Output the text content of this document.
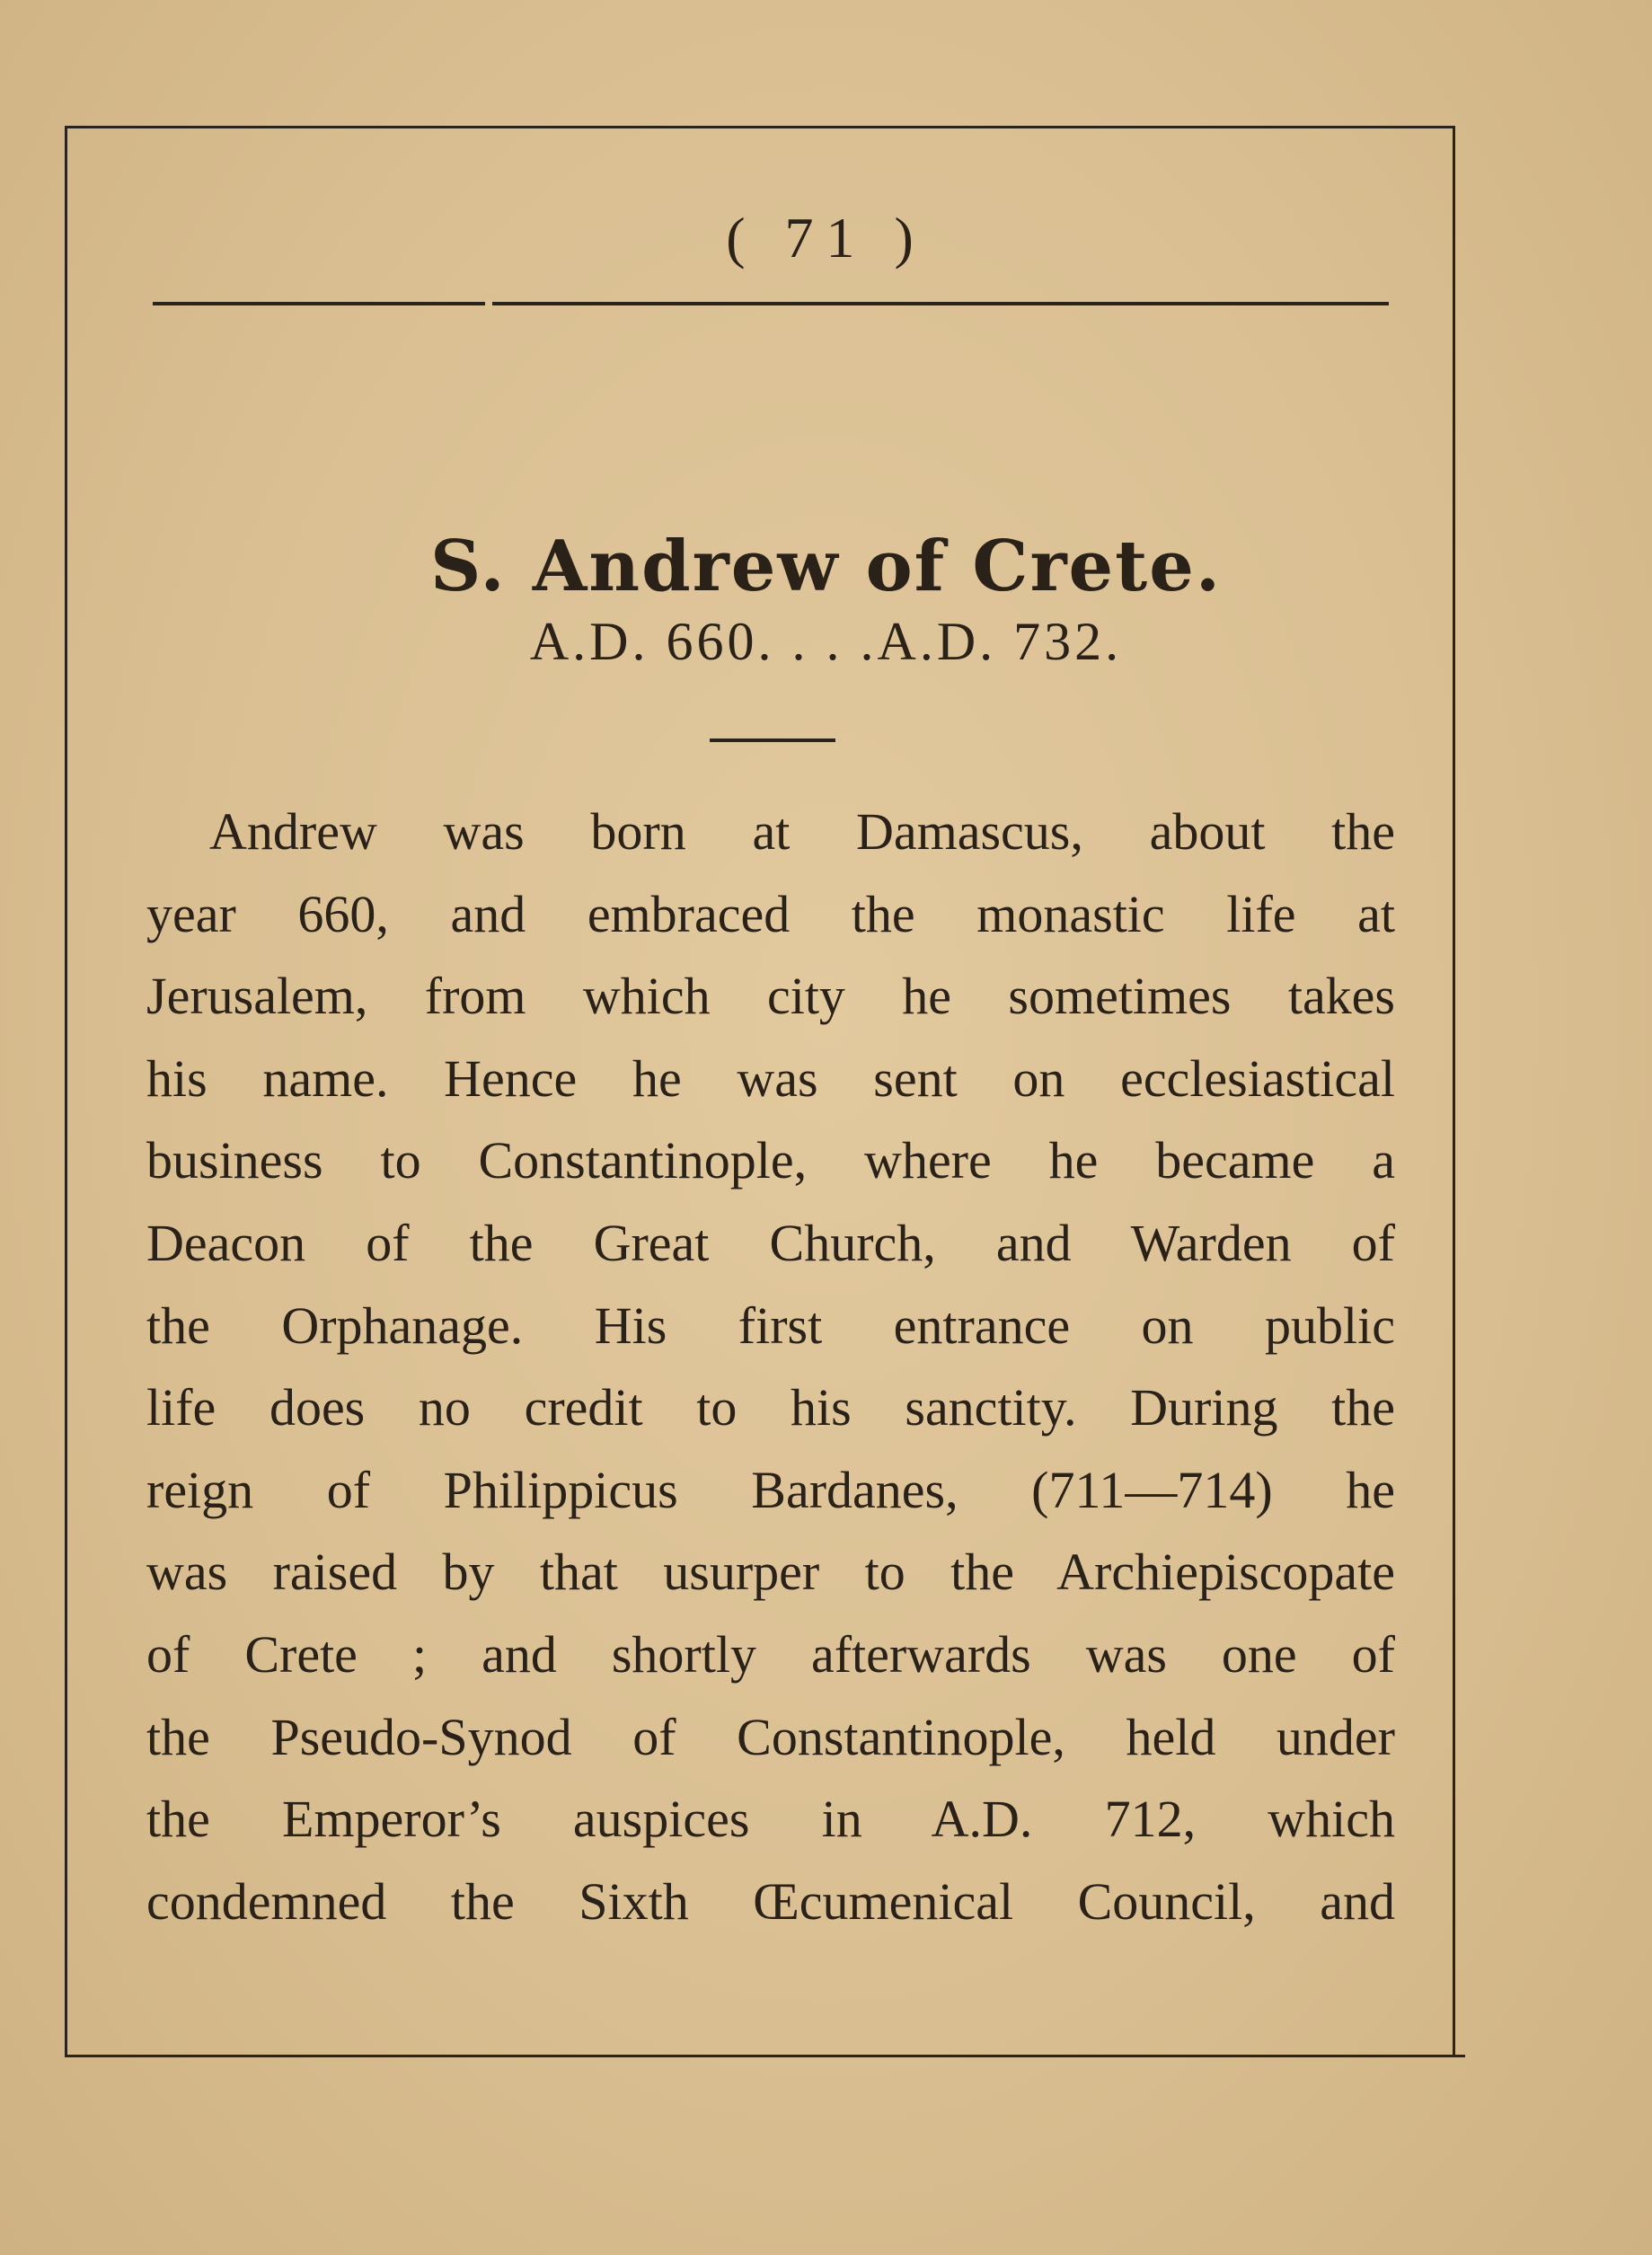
( 71 )
S. Andrew of Crete.
A.D. 660. . . .A.D. 732.
Andrew was born at Damascus, about the
year 660, and embraced the monastic life at
Jerusalem, from which city he sometimes takes
his name. Hence he was sent on ecclesiastical
business to Constantinople, where he became a
Deacon of the Great Church, and Warden of
the Orphanage. His first entrance on public
life does no credit to his sanctity. During the
reign of Philippicus Bardanes, (711—714) he
was raised by that usurper to the Archiepiscopate
of Crete ; and shortly afterwards was one of
the Pseudo-Synod of Constantinople, held under
the Emperor’s auspices in A.D. 712, which
condemned the Sixth Œcumenical Council, and
